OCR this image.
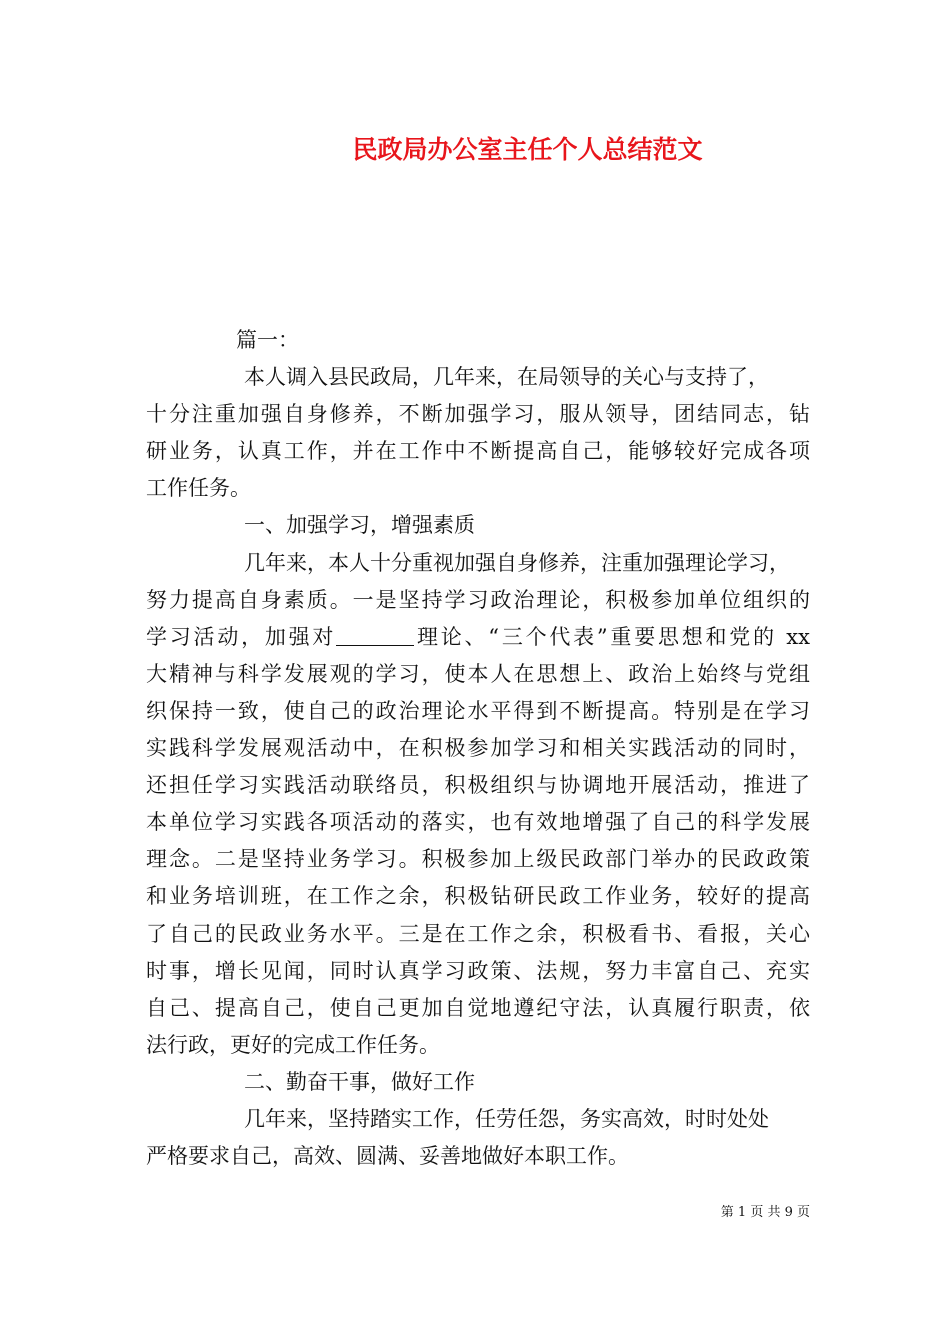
民政局办公室主任个人总结范文
篇一：
本人调入县民政局，几年来，在局领导的关心与支持了，
十分注重加强自身修养，不断加强学习，服从领导，团结同志，钻
研业务，认真工作，并在工作中不断提高自己，能够较好完成各项
工作任务。
一、加强学习，增强素质
几年来，本人十分重视加强自身修养，注重加强理论学习，
努力提高自身素质。一是坚持学习政治理论，积极参加单位组织的
学习活动，加强对	理论、“三个代表”重要思想和党的 xx
大精神与科学发展观的学习，使本人在思想上、政治上始终与党组
织保持一致，使自己的政治理论水平得到不断提高。特别是在学习
实践科学发展观活动中，在积极参加学习和相关实践活动的同时，
还担任学习实践活动联络员，积极组织与协调地开展活动，推进了
本单位学习实践各项活动的落实，也有效地增强了自己的科学发展
理念。二是坚持业务学习。积极参加上级民政部门举办的民政政策
和业务培训班，在工作之余，积极钻研民政工作业务，较好的提高
了自己的民政业务水平。三是在工作之余，积极看书、看报，关心
时事，增长见闻，同时认真学习政策、法规，努力丰富自己、充实
自己、提高自己，使自己更加自觉地遵纪守法，认真履行职责，依
法行政，更好的完成工作任务。
二、勤奋干事，做好工作
几年来，坚持踏实工作，任劳任怨，务实高效，时时处处
严格要求自己，高效、圆满、妥善地做好本职工作。
第 1 页 共 9 页
